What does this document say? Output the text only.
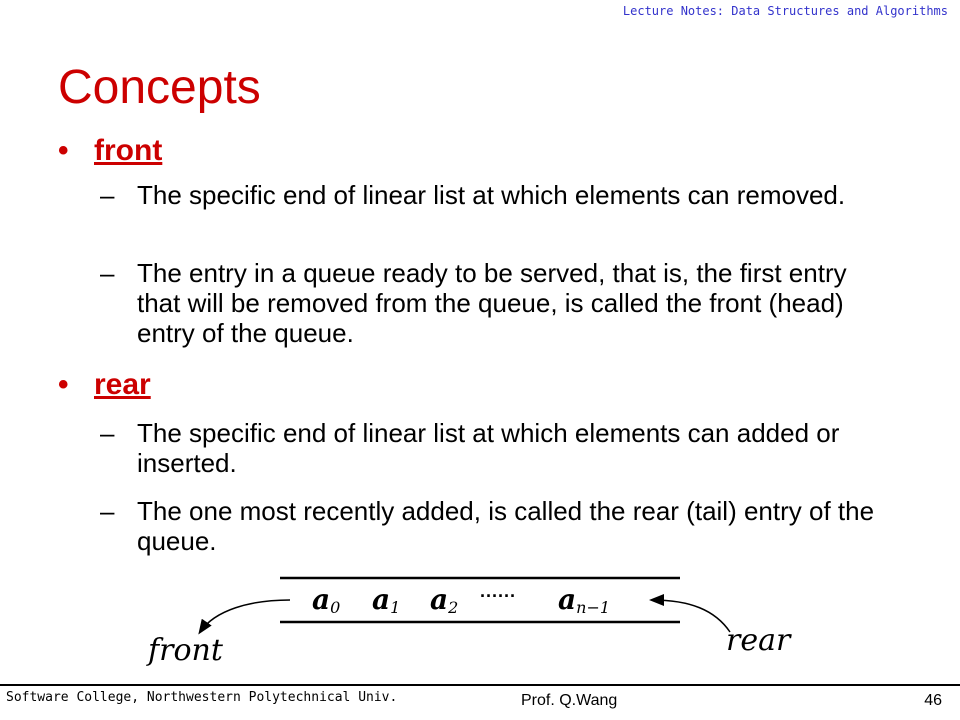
Lecture Notes: Data Structures and Algorithms
Concepts
• front
– The specific end of linear list at which elements can removed.
– The entry in a queue ready to be served, that is, the first entry that will be removed from the queue, is called the front (head) entry of the queue.
• rear
– The specific end of linear list at which elements can added or inserted.
– The one most recently added, is called the rear (tail) entry of the queue.
a0 a1 a2
······ an−1
front	rear
Software College, Northwestern Polytechnical Univ.	Prof. Q.Wang	46
